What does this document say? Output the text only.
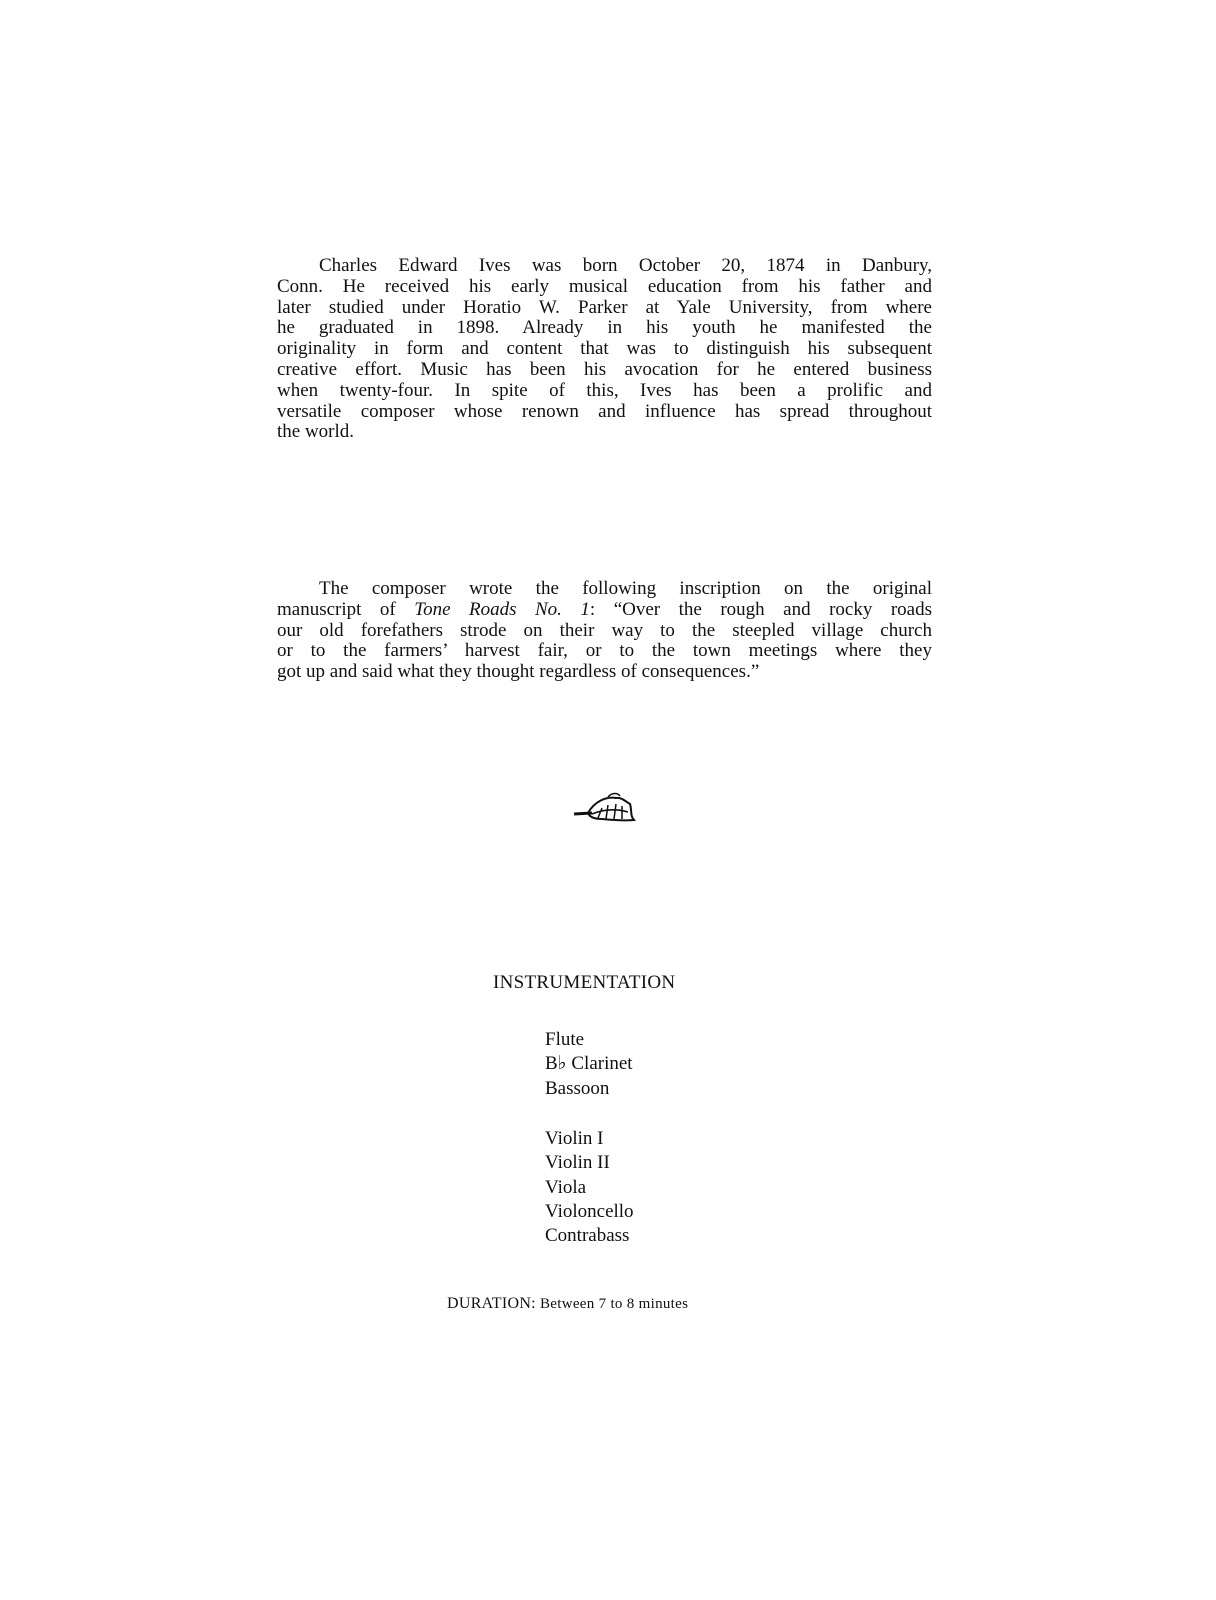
Charles Edward Ives was born October 20, 1874 in Danbury,
Conn. He received his early musical education from his father and
later studied under Horatio W. Parker at Yale University, from where
he graduated in 1898. Already in his youth he manifested the
originality in form and content that was to distinguish his subsequent
creative effort. Music has been his avocation for he entered business
when twenty-four. In spite of this, Ives has been a prolific and
versatile composer whose renown and influence has spread throughout
the world.
The composer wrote the following inscription on the original
manuscript of Tone Roads No. 1: “Over the rough and rocky roads
our old forefathers strode on their way to the steepled village church
or to the farmers’ harvest fair, or to the town meetings where they
got up and said what they thought regardless of consequences.”
INSTRUMENTATION
Flute
B♭ Clarinet
Bassoon
Violin I
Violin II
Viola
Violoncello
Contrabass
DURATION: Between 7 to 8 minutes
